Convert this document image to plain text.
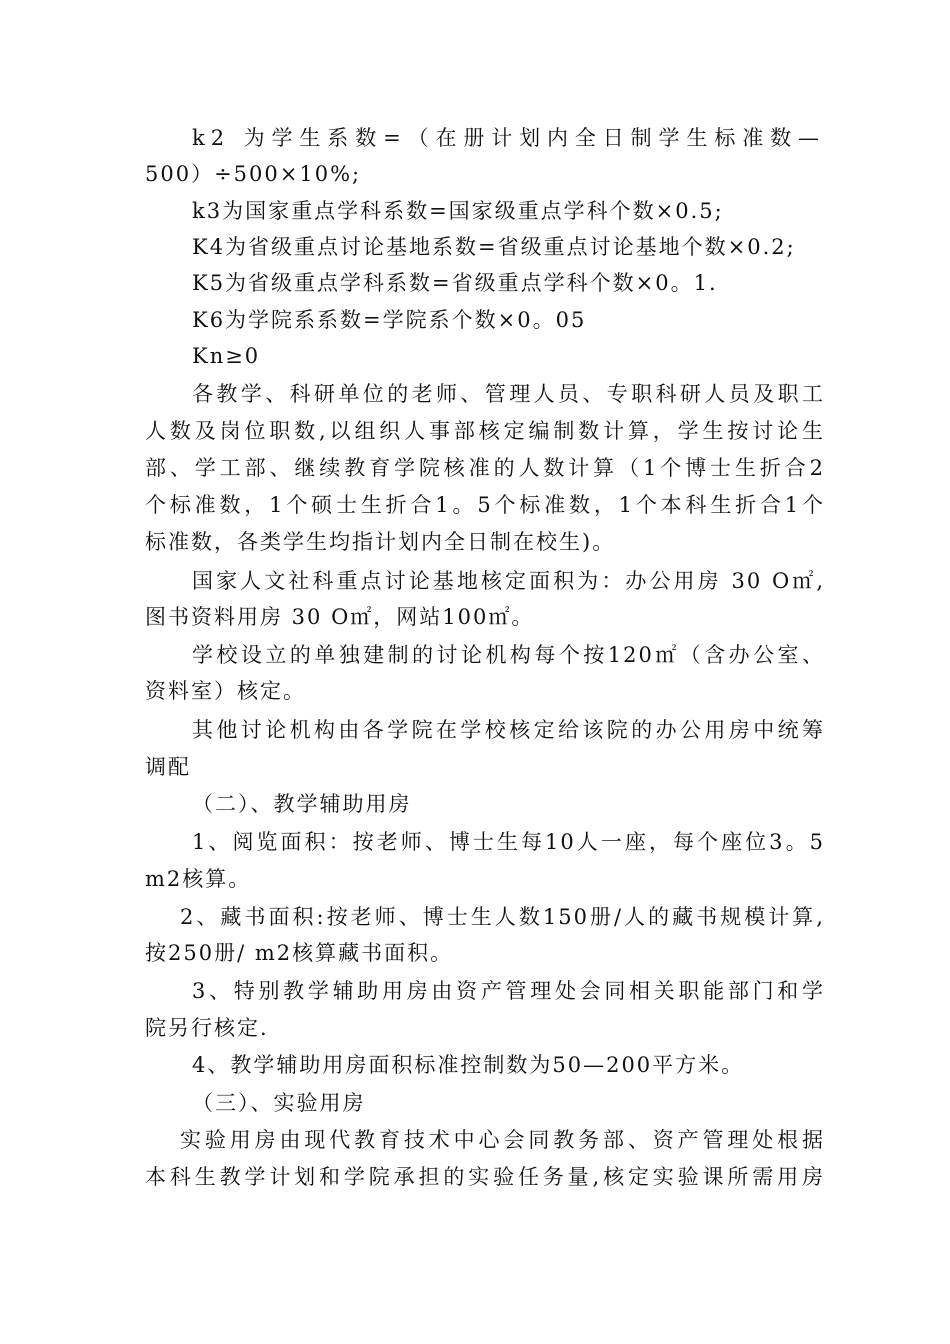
k2 为学生系数=（在册计划内全日制学生标准数—
500）÷500×10%;
k3为国家重点学科系数=国家级重点学科个数×0.5;
K4为省级重点讨论基地系数=省级重点讨论基地个数×0.2;
K5为省级重点学科系数=省级重点学科个数×0。1.
K6为学院系系数=学院系个数×0。05
Kn≥0
各教学、科研单位的老师、管理人员、专职科研人员及职工
人数及岗位职数,以组织人事部核定编制数计算，学生按讨论生
部、学工部、继续教育学院核准的人数计算（1个博士生折合2
个标准数，1个硕士生折合1。5个标准数，1个本科生折合1个
标准数，各类学生均指计划内全日制在校生)。
国家人文社科重点讨论基地核定面积为：办公用房 30 O㎡,
图书资料用房 30 O㎡，网站100㎡。
学校设立的单独建制的讨论机构每个按120㎡（含办公室、
资料室）核定。
其他讨论机构由各学院在学校核定给该院的办公用房中统筹
调配
（二）、教学辅助用房
1、阅览面积：按老师、博士生每10人一座，每个座位3。5
m2核算。
2、藏书面积:按老师、博士生人数150册/人的藏书规模计算,
按250册/ m2核算藏书面积。
3、特别教学辅助用房由资产管理处会同相关职能部门和学
院另行核定.
4、教学辅助用房面积标准控制数为50—200平方米。
（三）、实验用房
实验用房由现代教育技术中心会同教务部、资产管理处根据
本科生教学计划和学院承担的实验任务量,核定实验课所需用房
